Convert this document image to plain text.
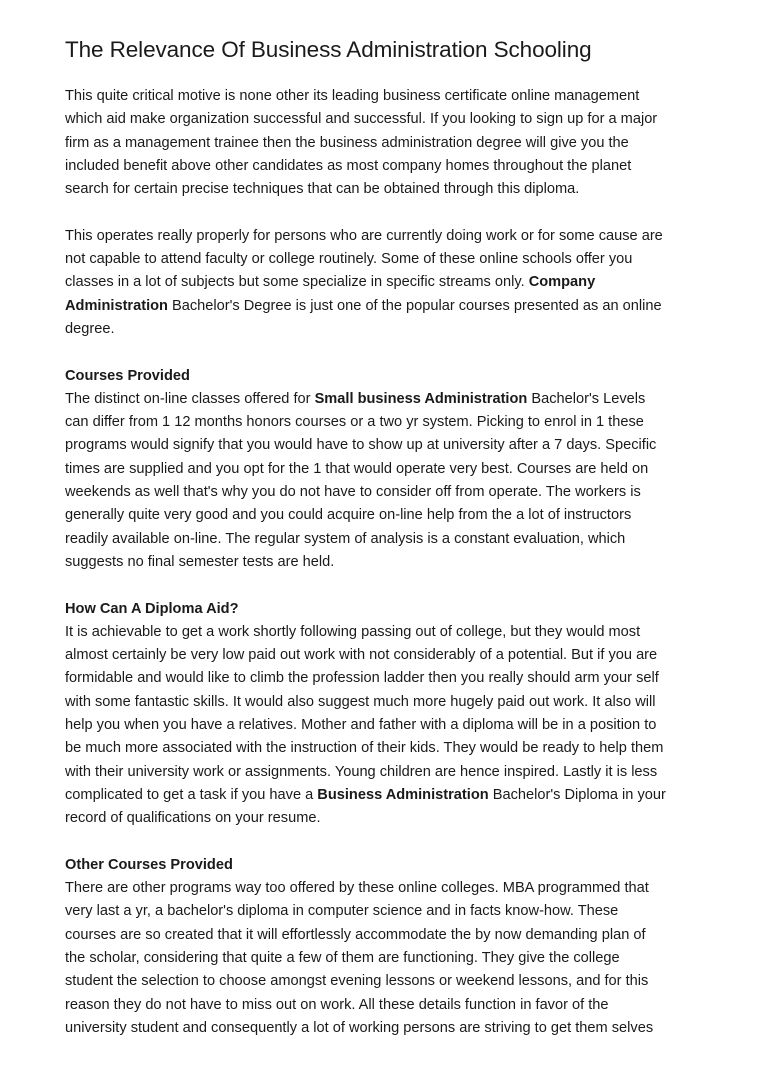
The Relevance Of Business Administration Schooling
This quite critical motive is none other its leading business certificate online management
which aid make organization successful and successful. If you looking to sign up for a major
firm as a management trainee then the business administration degree will give you the
included benefit above other candidates as most company homes throughout the planet
search for certain precise techniques that can be obtained through this diploma.
This operates really properly for persons who are currently doing work or for some cause are
not capable to attend faculty or college routinely. Some of these online schools offer you
classes in a lot of subjects but some specialize in specific streams only. Company
Administration Bachelor's Degree is just one of the popular courses presented as an online
degree.
Courses Provided
The distinct on-line classes offered for Small business Administration Bachelor's Levels
can differ from 1 12 months honors courses or a two yr system. Picking to enrol in 1 these
programs would signify that you would have to show up at university after a 7 days. Specific
times are supplied and you opt for the 1 that would operate very best. Courses are held on
weekends as well that's why you do not have to consider off from operate. The workers is
generally quite very good and you could acquire on-line help from the a lot of instructors
readily available on-line. The regular system of analysis is a constant evaluation, which
suggests no final semester tests are held.
How Can A Diploma Aid?
It is achievable to get a work shortly following passing out of college, but they would most
almost certainly be very low paid out work with not considerably of a potential. But if you are
formidable and would like to climb the profession ladder then you really should arm your self
with some fantastic skills. It would also suggest much more hugely paid out work. It also will
help you when you have a relatives. Mother and father with a diploma will be in a position to
be much more associated with the instruction of their kids. They would be ready to help them
with their university work or assignments. Young children are hence inspired. Lastly it is less
complicated to get a task if you have a Business Administration Bachelor's Diploma in your
record of qualifications on your resume.
Other Courses Provided
There are other programs way too offered by these online colleges. MBA programmed that
very last a yr, a bachelor's diploma in computer science and in facts know-how. These
courses are so created that it will effortlessly accommodate the by now demanding plan of
the scholar, considering that quite a few of them are functioning. They give the college
student the selection to choose amongst evening lessons or weekend lessons, and for this
reason they do not have to miss out on work. All these details function in favor of the
university student and consequently a lot of working persons are striving to get them selves
